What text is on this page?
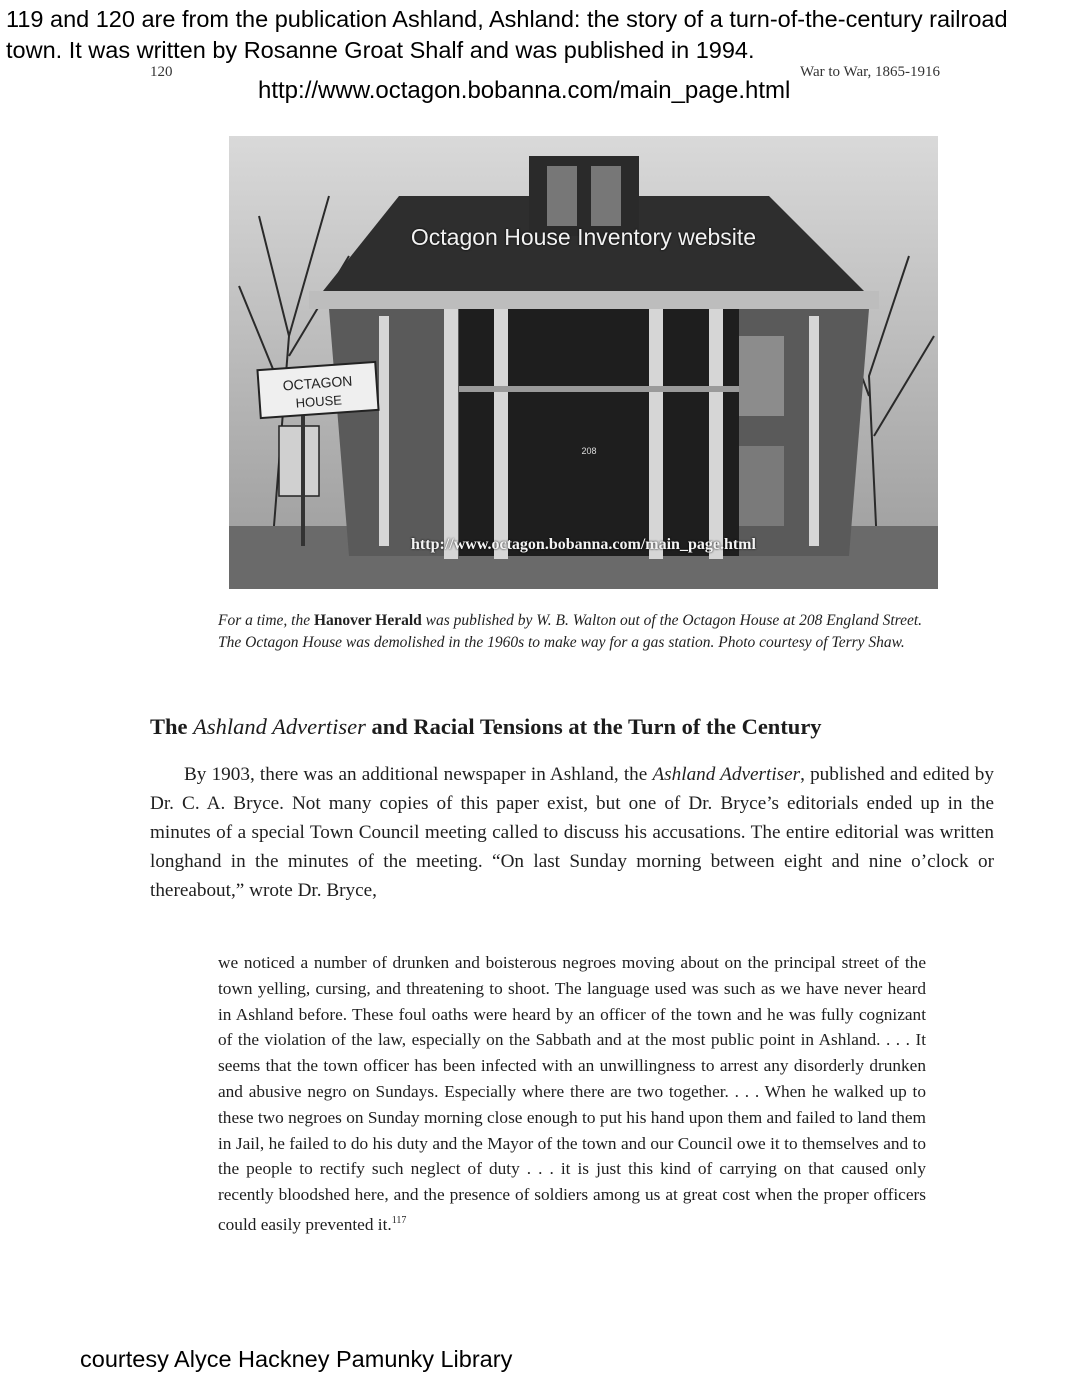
119 and 120 are from the publication Ashland, Ashland: the story of a turn-of-the-century railroad town. It was written by Rosanne Groat Shalf and was published in 1994.

120	War to War, 1865-1916
http://www.octagon.bobanna.com/main_page.html
OCTAGON
HOUSE
208
Octagon House Inventory website
http://www.octagon.bobanna.com/main_page.html

For a time, the Hanover Herald was published by W. B. Walton out of the Octagon House at 208 England Street. The Octagon House was demolished in the 1960s to make way for a gas station. Photo courtesy of Terry Shaw.

The Ashland Advertiser and Racial Tensions at the Turn of the Century

By 1903, there was an additional newspaper in Ashland, the Ashland Advertiser, published and edited by Dr. C. A. Bryce. Not many copies of this paper exist, but one of Dr. Bryce’s editorials ended up in the minutes of a special Town Council meeting called to discuss his accusations. The entire editorial was written longhand in the minutes of the meeting. “On last Sunday morning between eight and nine o’clock or thereabout,” wrote Dr. Bryce,

we noticed a number of drunken and boisterous negroes moving about on the principal street of the town yelling, cursing, and threatening to shoot. The language used was such as we have never heard in Ashland before. These foul oaths were heard by an officer of the town and he was fully cognizant of the violation of the law, especially on the Sabbath and at the most public point in Ashland. . . . It seems that the town officer has been infected with an unwillingness to arrest any disorderly drunken and abusive negro on Sundays. Especially where there are two together. . . . When he walked up to these two negroes on Sunday morning close enough to put his hand upon them and failed to land them in Jail, he failed to do his duty and the Mayor of the town and our Council owe it to themselves and to the people to rectify such neglect of duty . . . it is just this kind of carrying on that caused only recently bloodshed here, and the presence of soldiers among us at great cost when the proper officers could easily prevented it.$^{117}$

courtesy Alyce Hackney Pamunky Library
